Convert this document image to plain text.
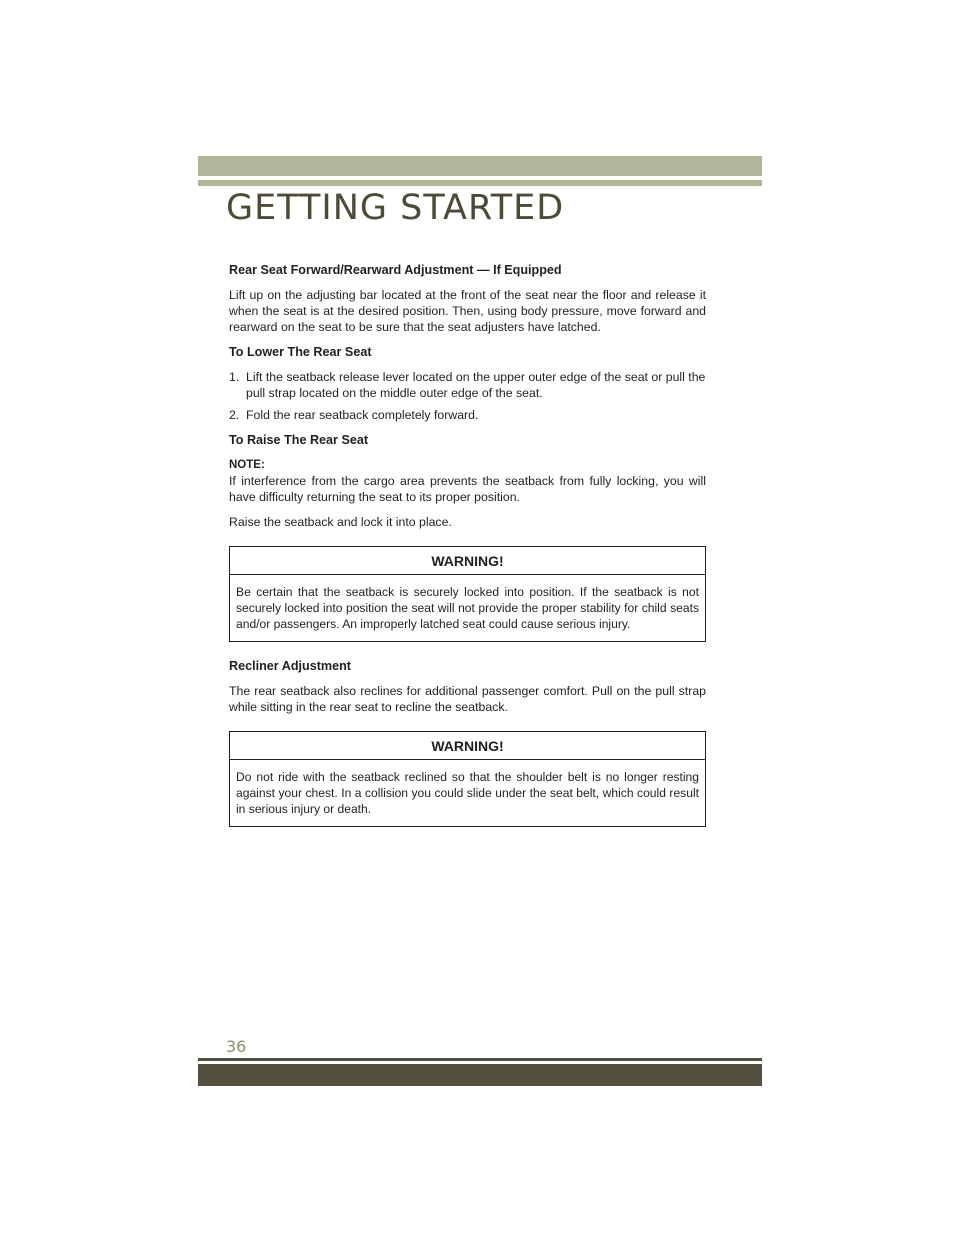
GETTING STARTED
Rear Seat Forward/Rearward Adjustment — If Equipped

Lift up on the adjusting bar located at the front of the seat near the floor and release it when the seat is at the desired position. Then, using body pressure, move forward and rearward on the seat to be sure that the seat adjusters have latched.

To Lower The Rear Seat
1. Lift the seatback release lever located on the upper outer edge of the seat or pull the pull strap located on the middle outer edge of the seat.
2. Fold the rear seatback completely forward.
To Raise The Rear Seat

NOTE:

If interference from the cargo area prevents the seatback from fully locking, you will have difficulty returning the seat to its proper position.

Raise the seatback and lock it into place.

WARNING!
Be certain that the seatback is securely locked into position. If the seatback is not securely locked into position the seat will not provide the proper stability for child seats and/or passengers. An improperly latched seat could cause serious injury.
Recliner Adjustment

The rear seatback also reclines for additional passenger comfort. Pull on the pull strap while sitting in the rear seat to recline the seatback.

WARNING!
Do not ride with the seatback reclined so that the shoulder belt is no longer resting against your chest. In a collision you could slide under the seat belt, which could result in serious injury or death.
36
